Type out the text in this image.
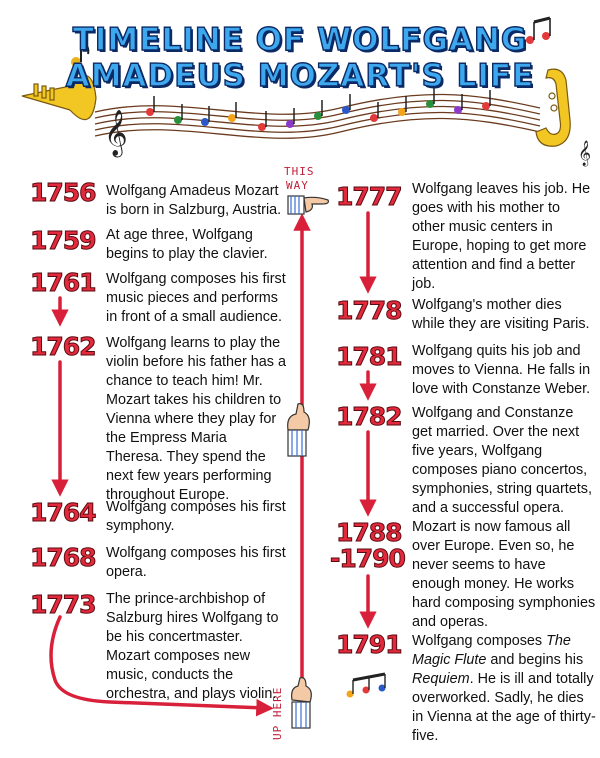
𝄞	𝄞
TIMELINE OF WOLFGANG
AMADEUS MOZART'S LIFE
THIS
WAY
UP HERE
1756 Wolfgang Amadeus Mozart is born in Salzburg, Austria.
1759 At age three, Wolfgang begins to play the clavier.
1761 Wolfgang composes his first music pieces and performs in front of a small audience.
1762 Wolfgang learns to play the violin before his father has a chance to teach him! Mr. Mozart takes his children to Vienna where they play for the Empress Maria Theresa. They spend the next few years performing throughout Europe.
1764 Wolfgang composes his first symphony.
1768 Wolfgang composes his first opera.
1773 The prince-archbishop of Salzburg hires Wolfgang to be his concertmaster. Mozart composes new music, conducts the orchestra, and plays violin.
1777 Wolfgang leaves his job. He goes with his mother to other music centers in Europe, hoping to get more attention and find a better job.
1778 Wolfgang's mother dies while they are visiting Paris.
1781 Wolfgang quits his job and moves to Vienna. He falls in love with Constanze Weber.
1782 Wolfgang and Constanze get married. Over the next five years, Wolfgang composes piano concertos, symphonies, string quartets, and a successful opera.
1788
-1790
Mozart is now famous all over Europe. Even so, he never seems to have enough money. He works hard composing symphonies and operas.
1791 Wolfgang composes The Magic Flute and begins his Requiem. He is ill and totally overworked. Sadly, he dies in Vienna at the age of thirty-five.
